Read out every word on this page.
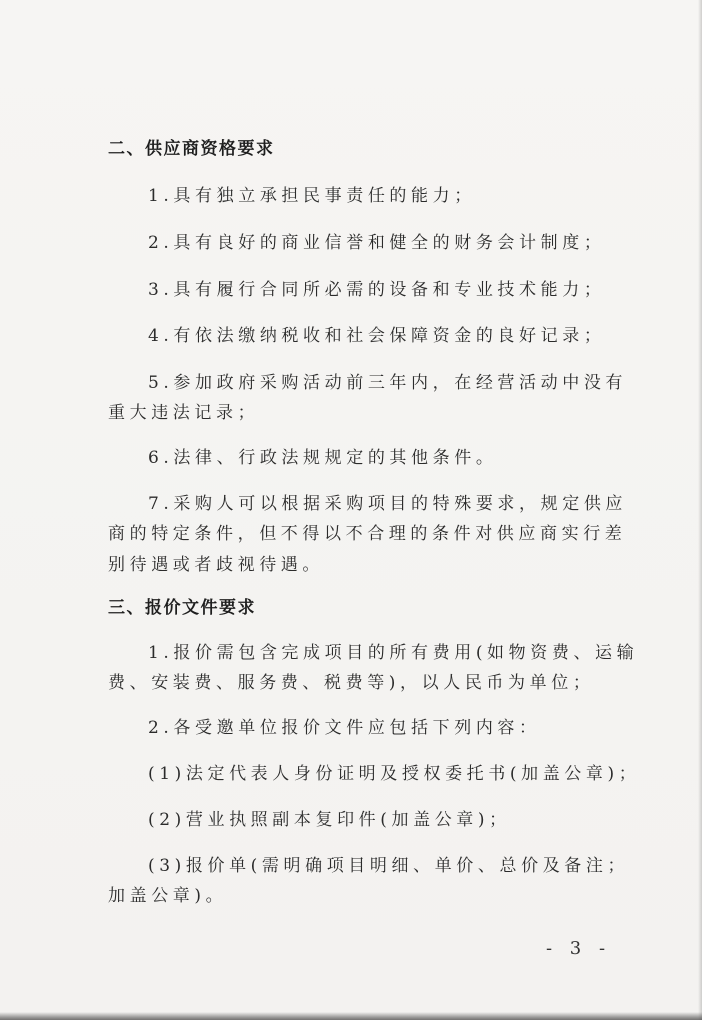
二、供应商资格要求
1.具有独立承担民事责任的能力；
2.具有良好的商业信誉和健全的财务会计制度；
3.具有履行合同所必需的设备和专业技术能力；
4.有依法缴纳税收和社会保障资金的良好记录；
5.参加政府采购活动前三年内，在经营活动中没有
重大违法记录；
6.法律、行政法规规定的其他条件。
7.采购人可以根据采购项目的特殊要求，规定供应
商的特定条件，但不得以不合理的条件对供应商实行差
别待遇或者歧视待遇。
三、报价文件要求
1.报价需包含完成项目的所有费用(如物资费、运输
费、安装费、服务费、税费等)，以人民币为单位；
2.各受邀单位报价文件应包括下列内容：
(1)法定代表人身份证明及授权委托书(加盖公章)；
(2)营业执照副本复印件(加盖公章)；
(3)报价单(需明确项目明细、单价、总价及备注；
加盖公章)。
- 3 -
